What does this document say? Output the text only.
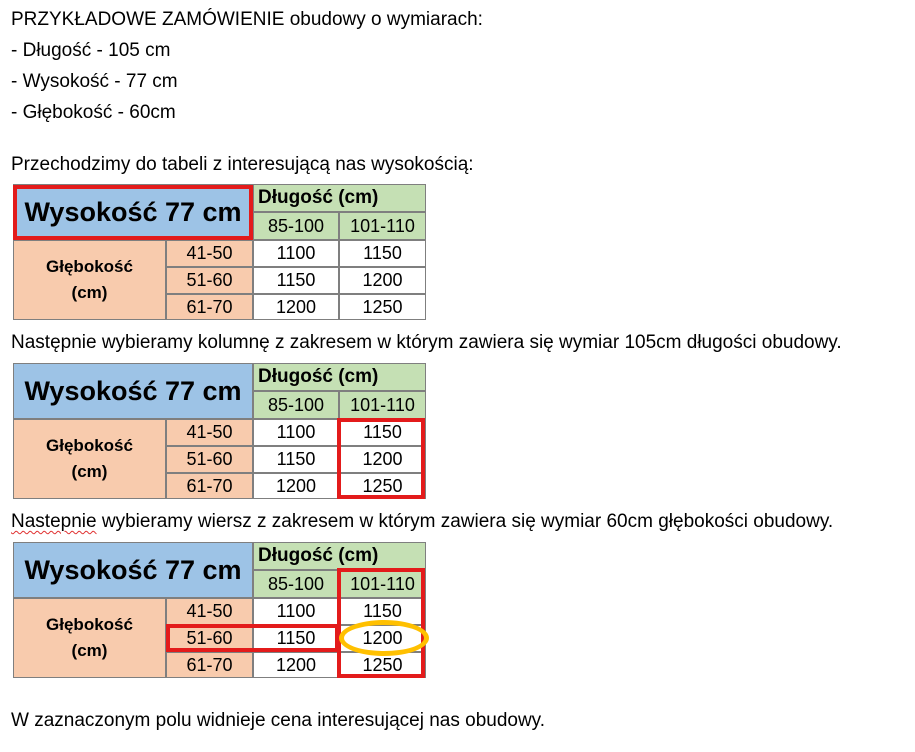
PRZYKŁADOWE ZAMÓWIENIE obudowy o wymiarach:
- Długość - 105 cm
- Wysokość - 77 cm
- Głębokość - 60cm
Przechodzimy do tabeli z interesującą nas wysokością:
Wysokość 77 cm Długość (cm)
85-100	101-110
Głębokość
(cm)
41-50	1100	1150
51-60	1150	1200
61-70	1200	1250
Następnie wybieramy kolumnę z zakresem w którym zawiera się wymiar 105cm długości obudowy.
Wysokość 77 cm Długość (cm)
85-100	101-110
Głębokość
(cm)
41-50	1100	1150
51-60	1150	1200
61-70	1200	1250
Nastepnie wybieramy wiersz z zakresem w którym zawiera się wymiar 60cm głębokości obudowy.
Wysokość 77 cm Długość (cm)
85-100	101-110
Głębokość
(cm)
41-50	1100	1150
51-60	1150	1200
61-70	1200	1250
W zaznaczonym polu widnieje cena interesującej nas obudowy.
